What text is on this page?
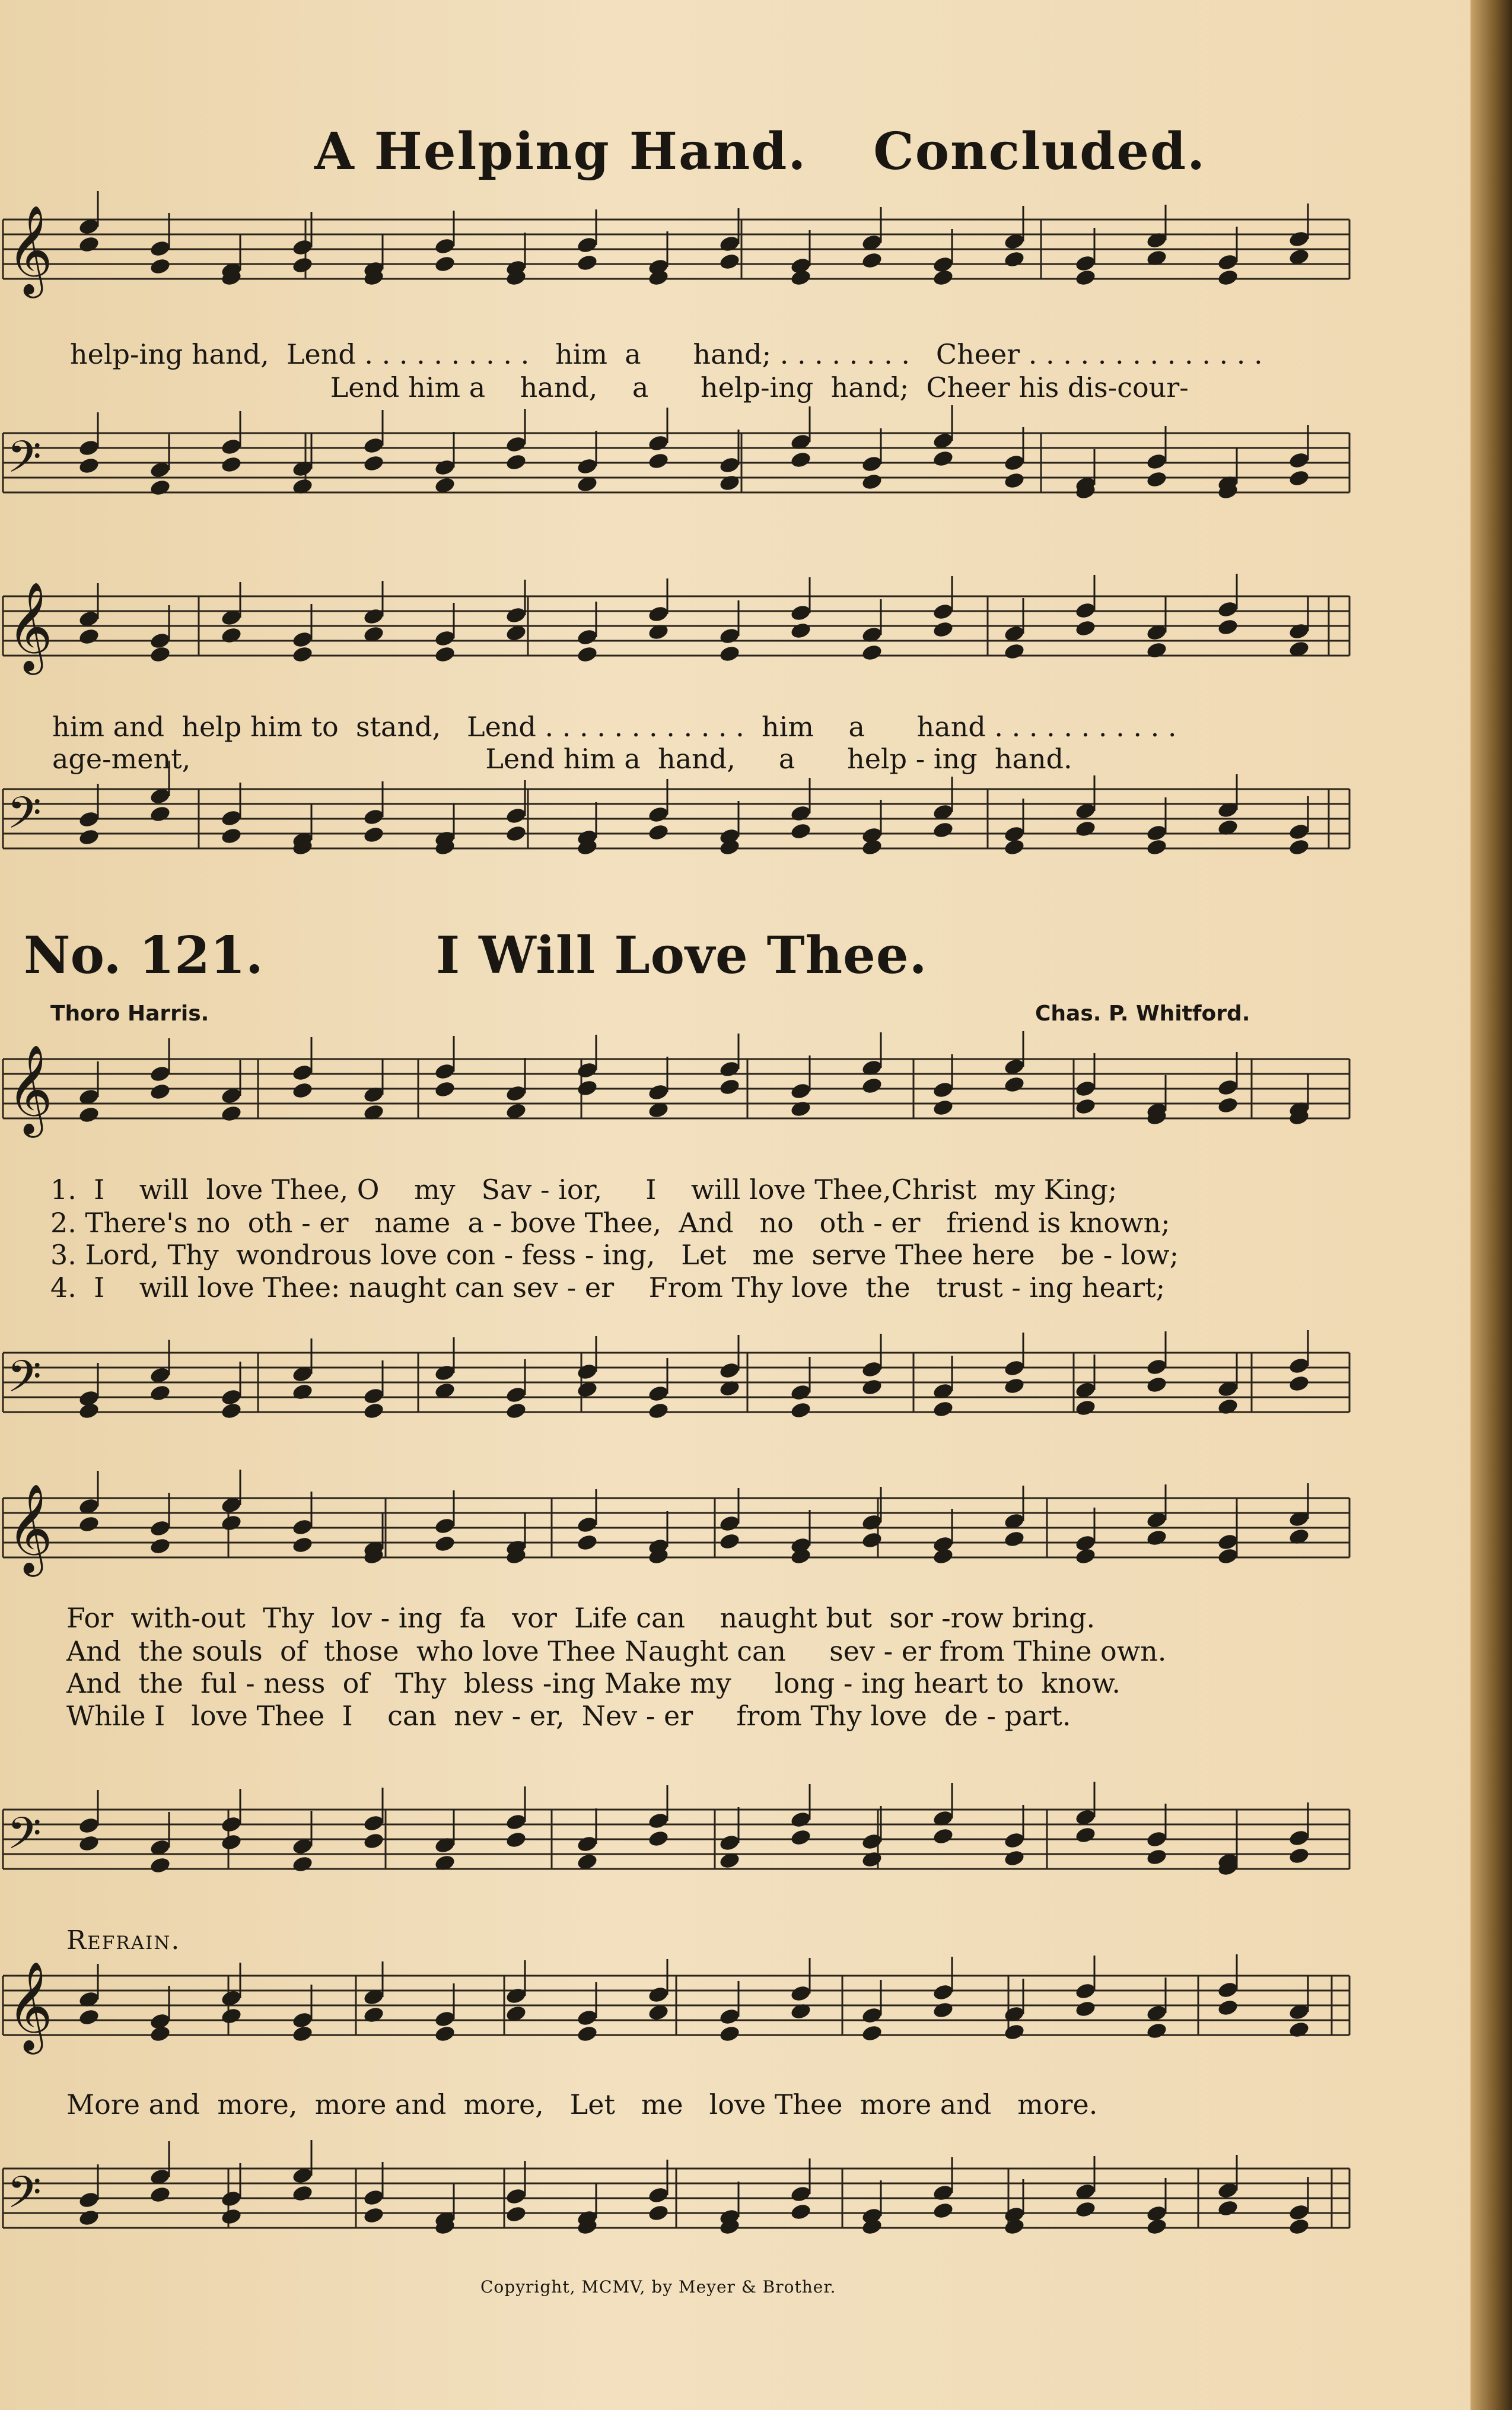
𝄞
𝄢
𝄞
𝄢
𝄞
𝄢
𝄞
𝄢
𝄞
𝄢
A Helping Hand. Concluded.
help-ing hand,  Lend . . . . . . . . . .   him  a      hand; . . . . . . . .   Cheer . . . . . . . . . . . . . .
Lend him a    hand,    a      help-ing  hand;  Cheer his dis-cour-
him and  help him to  stand,   Lend . . . . . . . . . . . .  him    a      hand . . . . . . . . . . .
age-ment,                                  Lend him a  hand,     a      help - ing  hand.
No. 121.	I Will Love Thee.
Thoro Harris.	Chas. P. Whitford.
1.  I    will  love Thee, O    my   Sav - ior,     I    will love Thee,Christ  my King;
2. There's no  oth - er   name  a - bove Thee,  And   no   oth - er   friend is known;
3. Lord, Thy  wondrous love con - fess - ing,   Let   me  serve Thee here   be - low;
4.  I    will love Thee: naught can sev - er    From Thy love  the   trust - ing heart;
For  with-out  Thy  lov - ing  fa   vor  Life can    naught but  sor -row bring.
And  the souls  of  those  who love Thee Naught can     sev - er from Thine own.
And  the  ful - ness  of   Thy  bless -ing Make my     long - ing heart to  know.
While I   love Thee  I    can  nev - er,  Nev - er     from Thy love  de - part.
Refrain.
More and  more,  more and  more,   Let   me   love Thee  more and   more.
Copyright, MCMV, by Meyer & Brother.
